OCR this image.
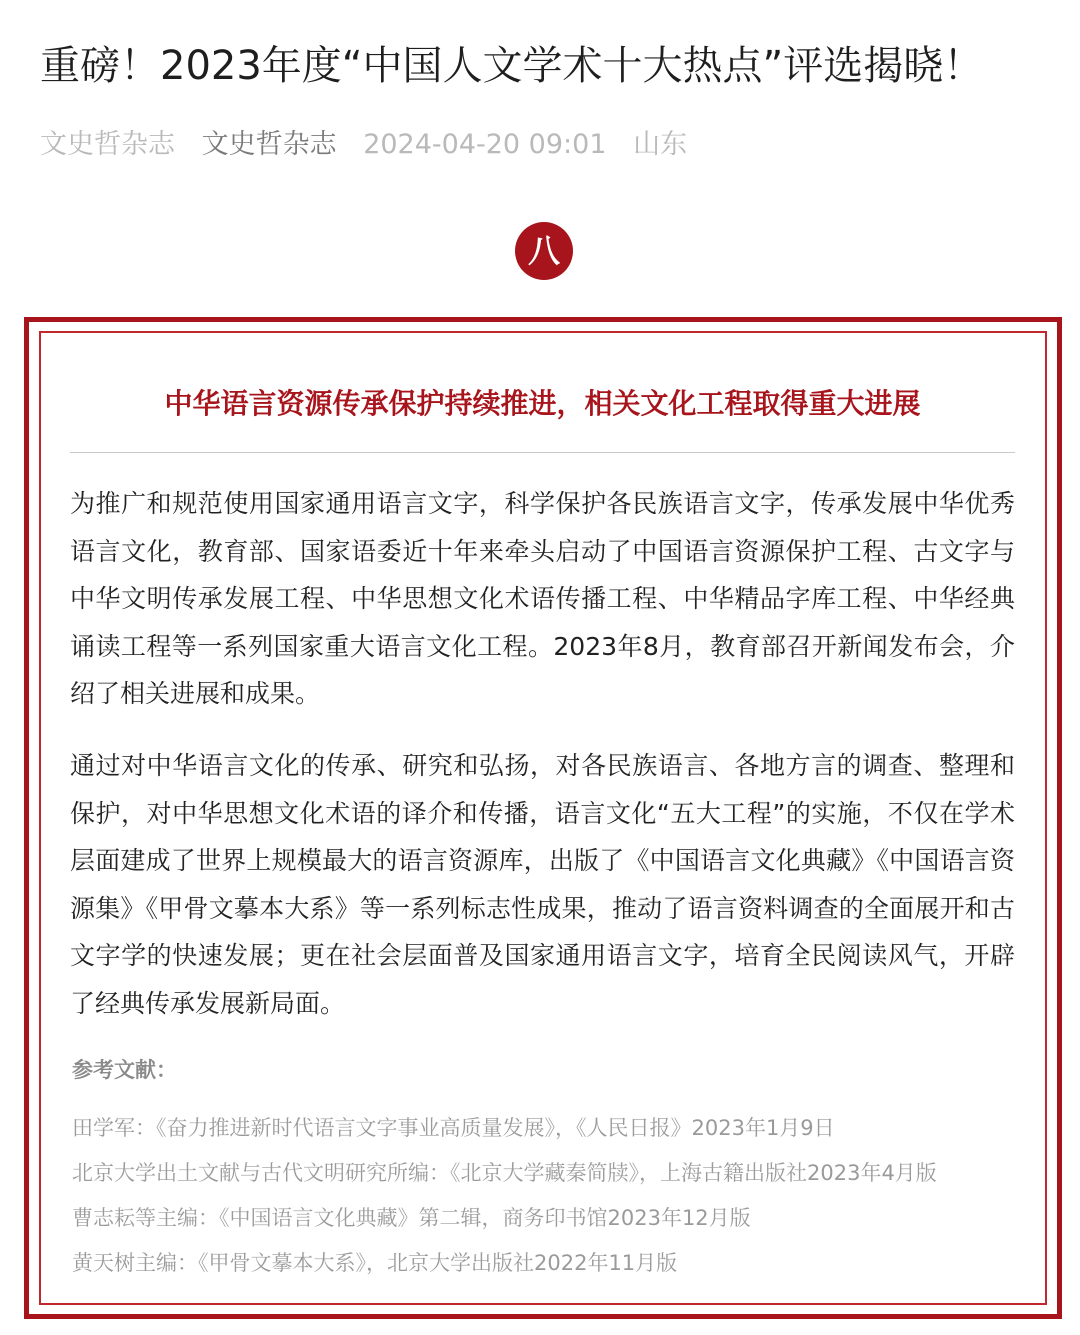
重磅！2023年度“中国人文学术十大热点”评选揭晓！
文史哲杂志 文史哲杂志 2024-04-20 09:01 山东
八
中华语言资源传承保护持续推进，相关文化工程取得重大进展

为推广和规范使用国家通用语言文字，科学保护各民族语言文字，传承发展中华优秀语言文化，教育部、国家语委近十年来牵头启动了中国语言资源保护工程、古文字与中华文明传承发展工程、中华思想文化术语传播工程、中华精品字库工程、中华经典诵读工程等一系列国家重大语言文化工程。2023年8月，教育部召开新闻发布会，介绍了相关进展和成果。

通过对中华语言文化的传承、研究和弘扬，对各民族语言、各地方言的调查、整理和保护，对中华思想文化术语的译介和传播，语言文化“五大工程”的实施，不仅在学术层面建成了世界上规模最大的语言资源库，出版了《中国语言文化典藏》《中国语言资源集》《甲骨文摹本大系》等一系列标志性成果，推动了语言资料调查的全面展开和古文字学的快速发展；更在社会层面普及国家通用语言文字，培育全民阅读风气，开辟了经典传承发展新局面。

参考文献：
田学军：《奋力推进新时代语言文字事业高质量发展》，《人民日报》2023年1月9日
北京大学出土文献与古代文明研究所编：《北京大学藏秦简牍》，上海古籍出版社2023年4月版
曹志耘等主编：《中国语言文化典藏》第二辑，商务印书馆2023年12月版
黄天树主编：《甲骨文摹本大系》，北京大学出版社2022年11月版
